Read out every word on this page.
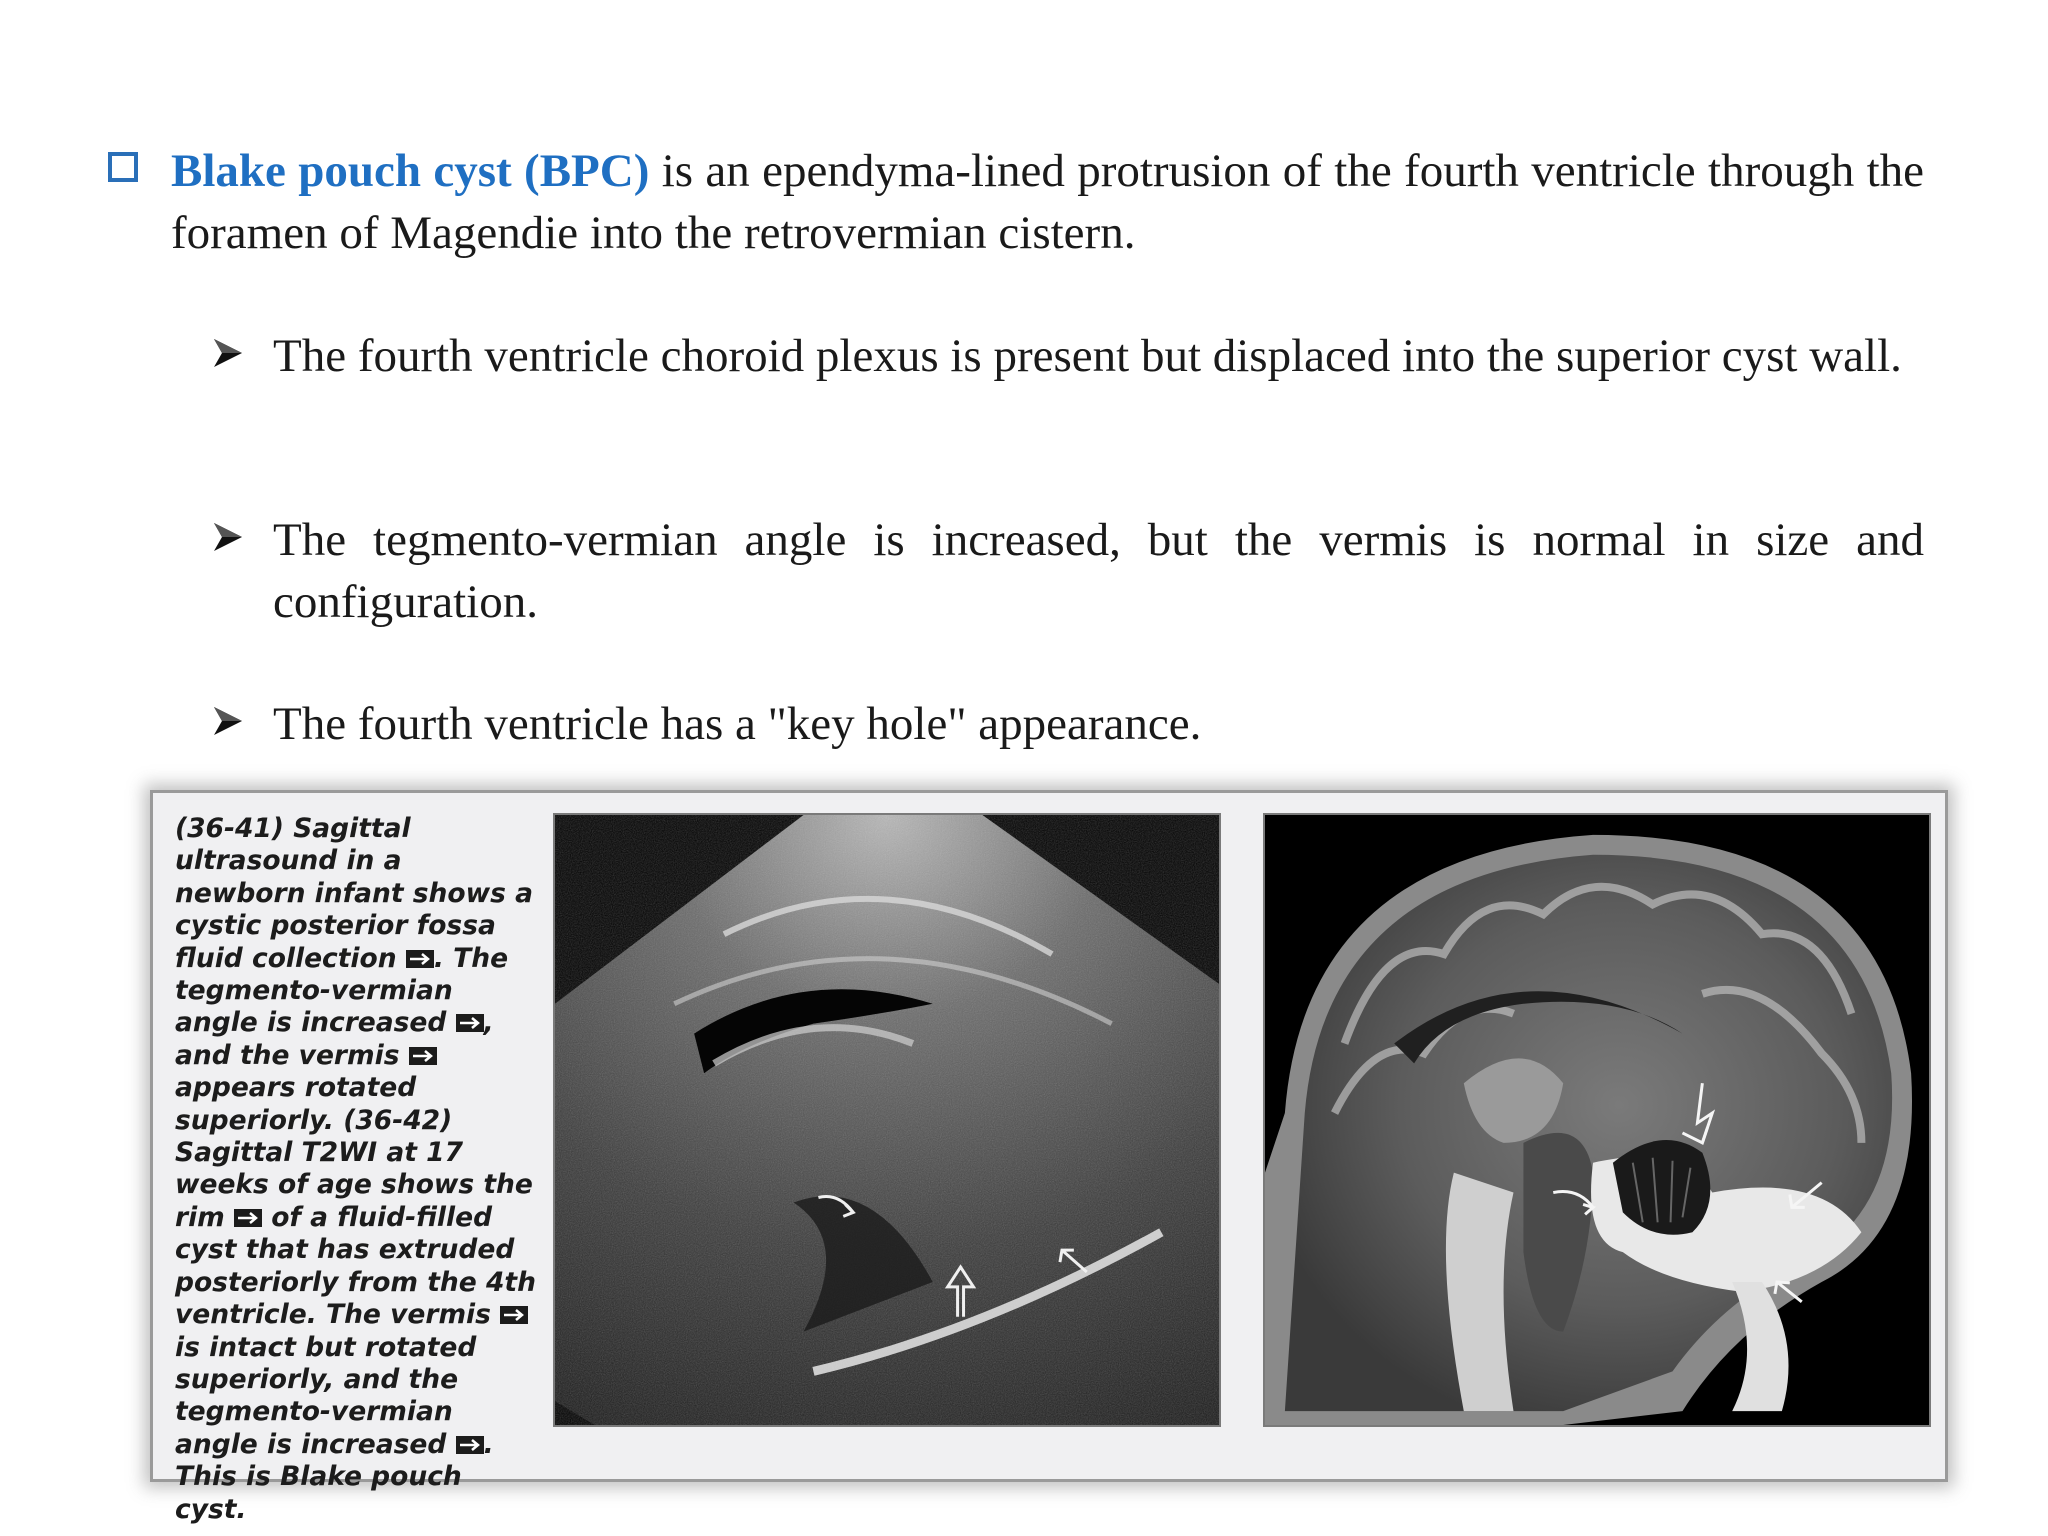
Blake pouch cyst (BPC) is an ependyma-lined protrusion of the fourth ventricle through the foramen of Magendie into the retrovermian cistern.
The fourth ventricle choroid plexus is present but displaced into the superior cyst wall.
The tegmento-vermian angle is increased, but the vermis is normal in size and configuration.
The fourth ventricle has a "key hole" appearance.
(36-41) Sagittal ultrasound in a newborn infant shows a cystic posterior fossa fluid collection . The tegmento-vermian angle is increased , and the vermis  appears rotated superiorly. (36-42) Sagittal T2WI at 17 weeks of age shows the rim  of a fluid-filled cyst that has extruded posteriorly from the 4th ventricle. The vermis  is intact but rotated superiorly, and the tegmento-vermian angle is increased . This is Blake pouch cyst.
